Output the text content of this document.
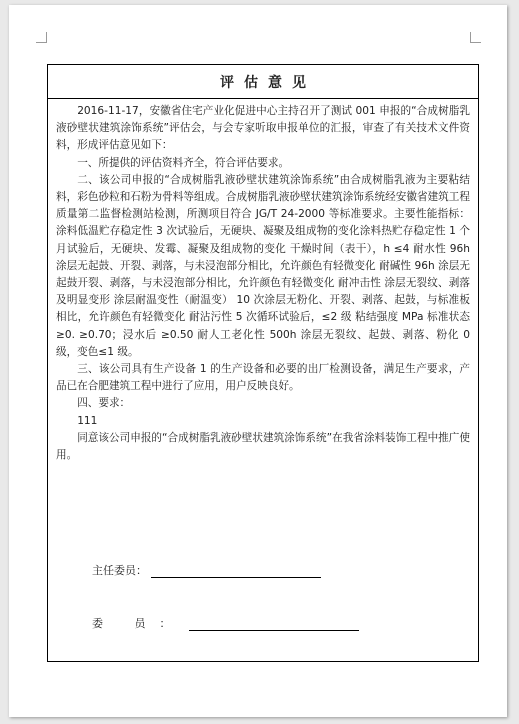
评估意见

2016-11-17，安徽省住宅产业化促进中心主持召开了测试 001 申报的“合成树脂乳液砂壁状建筑涂饰系统”评估会，与会专家听取申报单位的汇报，审查了有关技术文件资料，形成评估意见如下：

一、所提供的评估资料齐全，符合评估要求。

二、该公司申报的“合成树脂乳液砂壁状建筑涂饰系统”由合成树脂乳液为主要粘结料，彩色砂粒和石粉为骨料等组成。合成树脂乳液砂壁状建筑涂饰系统经安徽省建筑工程质量第二监督检测站检测，所测项目符合 JG/T 24-2000 等标准要求。主要性能指标：涂料低温贮存稳定性 3 次试验后，无硬块、凝聚及组成物的变化涂料热贮存稳定性 1 个月试验后，无硬块、发霉、凝聚及组成物的变化 干燥时间（表干），h ≤4 耐水性 96h 涂层无起鼓、开裂、剥落，与未浸泡部分相比，允许颜色有轻微变化 耐碱性 96h 涂层无起鼓开裂、剥落，与未浸泡部分相比，允许颜色有轻微变化 耐冲击性 涂层无裂纹、剥落及明显变形 涂层耐温变性（耐温变） 10 次涂层无粉化、开裂、剥落、起鼓，与标准板相比，允许颜色有轻微变化 耐沾污性 5 次循环试验后，≤2 级 粘结强度 MPa 标准状态 ≥0. ≥0.70；浸水后 ≥0.50 耐人工老化性 500h 涂层无裂纹、起鼓、剥落、粉化 0 级，变色≤1 级。

三、该公司具有生产设备 1 的生产设备和必要的出厂检测设备，满足生产要求，产品已在合肥建筑工程中进行了应用，用户反映良好。

四、要求：

111

同意该公司申报的“合成树脂乳液砂壁状建筑涂饰系统”在我省涂料装饰工程中推广使用。

主任委员：
委 员：
